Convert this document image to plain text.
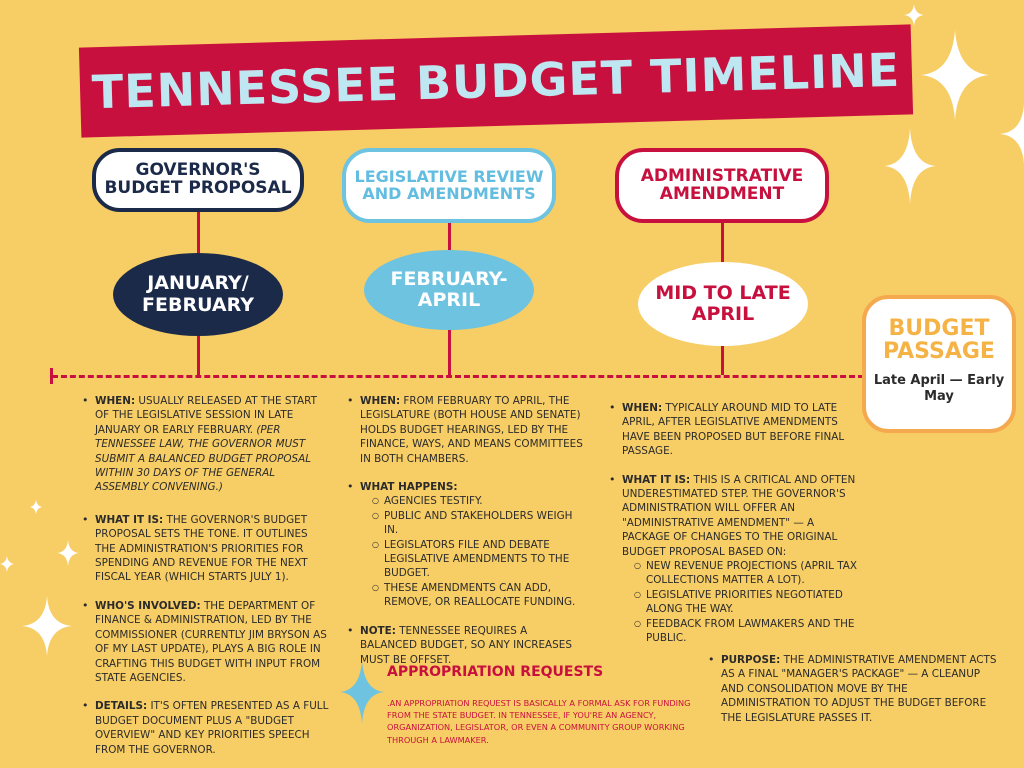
TENNESSEE BUDGET TIMELINE
GOVERNOR'S BUDGET PROPOSAL
JANUARY/ FEBRUARY
LEGISLATIVE REVIEW AND AMENDMENTS
FEBRUARY- APRIL
ADMINISTRATIVE AMENDMENT
MID TO LATE APRIL
BUDGET PASSAGE
Late April — Early May
• WHEN: USUALLY RELEASED AT THE START OF THE LEGISLATIVE SESSION IN LATE JANUARY OR EARLY FEBRUARY. (PER TENNESSEE LAW, THE GOVERNOR MUST SUBMIT A BALANCED BUDGET PROPOSAL WITHIN 30 DAYS OF THE GENERAL ASSEMBLY CONVENING.)
• WHAT IT IS: THE GOVERNOR'S BUDGET PROPOSAL SETS THE TONE. IT OUTLINES THE ADMINISTRATION'S PRIORITIES FOR SPENDING AND REVENUE FOR THE NEXT FISCAL YEAR (WHICH STARTS JULY 1).
• WHO'S INVOLVED: THE DEPARTMENT OF FINANCE & ADMINISTRATION, LED BY THE COMMISSIONER (CURRENTLY JIM BRYSON AS OF MY LAST UPDATE), PLAYS A BIG ROLE IN CRAFTING THIS BUDGET WITH INPUT FROM STATE AGENCIES.
• DETAILS: IT'S OFTEN PRESENTED AS A FULL BUDGET DOCUMENT PLUS A "BUDGET OVERVIEW" AND KEY PRIORITIES SPEECH FROM THE GOVERNOR.
• WHEN: FROM FEBRUARY TO APRIL, THE LEGISLATURE (BOTH HOUSE AND SENATE) HOLDS BUDGET HEARINGS, LED BY THE FINANCE, WAYS, AND MEANS COMMITTEES IN BOTH CHAMBERS.
• WHAT HAPPENS:
○ AGENCIES TESTIFY.
○ PUBLIC AND STAKEHOLDERS WEIGH IN.
○ LEGISLATORS FILE AND DEBATE LEGISLATIVE AMENDMENTS TO THE BUDGET.
○ THESE AMENDMENTS CAN ADD, REMOVE, OR REALLOCATE FUNDING.
• NOTE: TENNESSEE REQUIRES A BALANCED BUDGET, SO ANY INCREASES MUST BE OFFSET.
• WHEN: TYPICALLY AROUND MID TO LATE APRIL, AFTER LEGISLATIVE AMENDMENTS HAVE BEEN PROPOSED BUT BEFORE FINAL PASSAGE.
• WHAT IT IS: THIS IS A CRITICAL AND OFTEN UNDERESTIMATED STEP. THE GOVERNOR'S ADMINISTRATION WILL OFFER AN "ADMINISTRATIVE AMENDMENT" — A PACKAGE OF CHANGES TO THE ORIGINAL BUDGET PROPOSAL BASED ON:
○ NEW REVENUE PROJECTIONS (APRIL TAX COLLECTIONS MATTER A LOT).
○ LEGISLATIVE PRIORITIES NEGOTIATED ALONG THE WAY.
○ FEEDBACK FROM LAWMAKERS AND THE PUBLIC.
• PURPOSE: THE ADMINISTRATIVE AMENDMENT ACTS AS A FINAL "MANAGER'S PACKAGE" — A CLEANUP AND CONSOLIDATION MOVE BY THE ADMINISTRATION TO ADJUST THE BUDGET BEFORE THE LEGISLATURE PASSES IT.
APPROPRIATION REQUESTS
.AN APPROPRIATION REQUEST IS BASICALLY A FORMAL ASK FOR FUNDING FROM THE STATE BUDGET. IN TENNESSEE, IF YOU'RE AN AGENCY, ORGANIZATION, LEGISLATOR, OR EVEN A COMMUNITY GROUP WORKING THROUGH A LAWMAKER.
